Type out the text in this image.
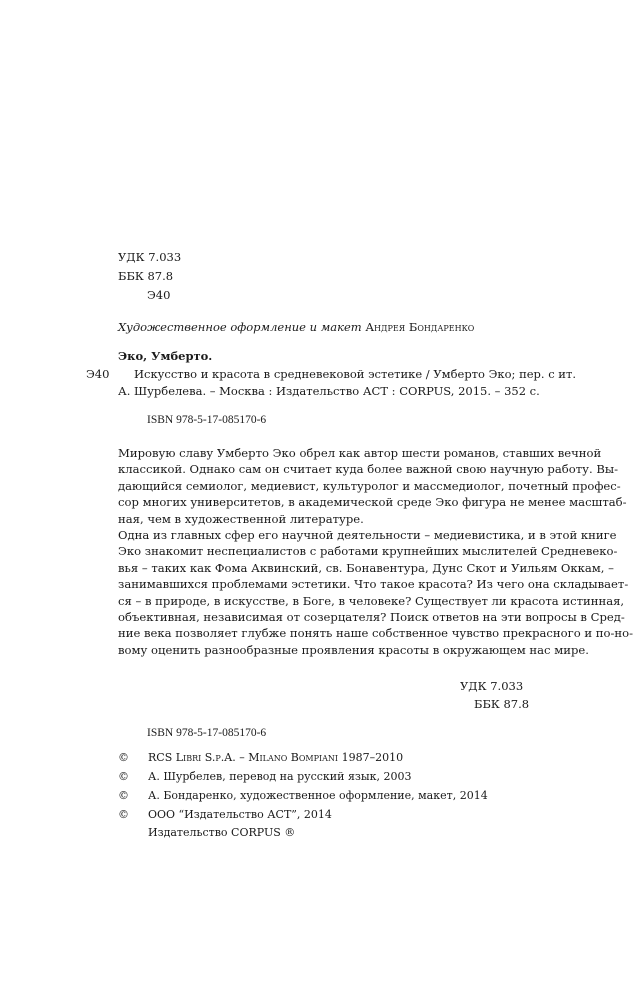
УДК 7.033
ББК 87.8
Э40
Художественное оформление и макет Андрея Бондаренко
Эко, Умберто.
Э40 Искусство и красота в средневековой эстетике / Умберто Эко; пер. с ит.
А. Шурбелева. – Москва : Издательство АСТ : CORPUS, 2015. – 352 с.
ISBN 978-5-17-085170-6
Мировую славу Умберто Эко обрел как автор шести романов, ставших вечной
классикой. Однако сам он считает куда более важной свою научную работу. Вы-
дающийся семиолог, медиевист, культуролог и массмедиолог, почетный профес-
сор многих университетов, в академической среде Эко фигура не менее масштаб-
ная, чем в художественной литературе.
Одна из главных сфер его научной деятельности – медиевистика, и в этой книге
Эко знакомит неспециалистов с работами крупнейших мыслителей Средневеко-
вья – таких как Фома Аквинский, св. Бонавентура, Дунс Скот и Уильям Оккам, –
занимавшихся проблемами эстетики. Что такое красота? Из чего она складывает-
ся – в природе, в искусстве, в Боге, в человеке? Существует ли красота истинная,
объективная, независимая от созерцателя? Поиск ответов на эти вопросы в Сред-
ние века позволяет глубже понять наше собственное чувство прекрасного и по-но-
вому оценить разнообразные проявления красоты в окружающем нас мире.
УДК 7.033
ББК 87.8
ISBN 978-5-17-085170-6
© RCS Libri S.p.A. – Milano Bompiani 1987–2010
© А. Шурбелев, перевод на русский язык, 2003
© А. Бондаренко, художественное оформление, макет, 2014
© ООО “Издательство АСТ”, 2014
Издательство CORPUS ®
